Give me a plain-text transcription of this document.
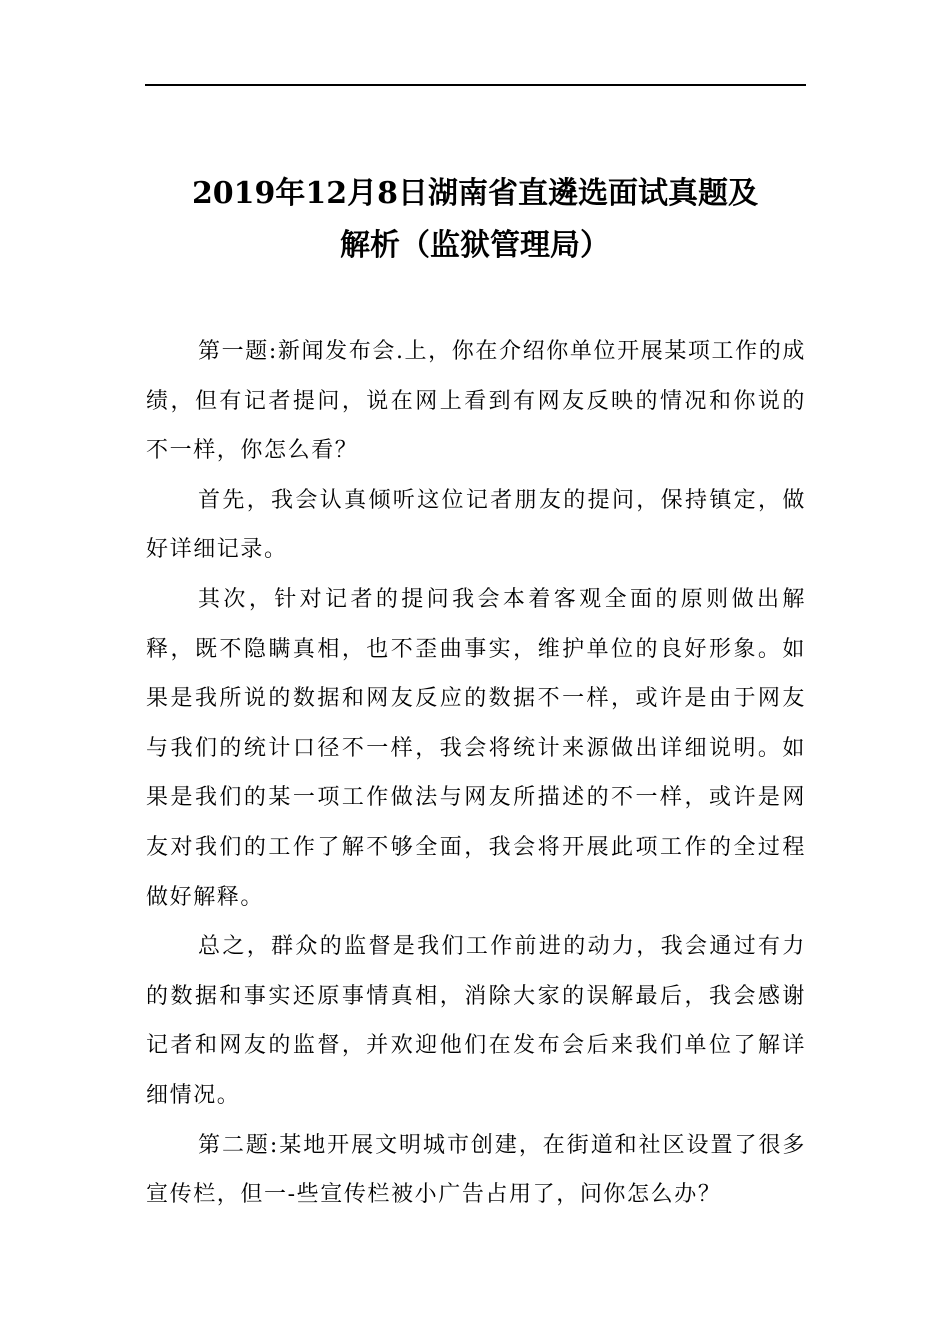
2019年12月8日湖南省直遴选面试真题及
解析（监狱管理局）

第一题:新闻发布会.上，你在介绍你单位开展某项工作的成绩，但有记者提问，说在网上看到有网友反映的情况和你说的不一样，你怎么看？

首先，我会认真倾听这位记者朋友的提问，保持镇定，做好详细记录。

其次，针对记者的提问我会本着客观全面的原则做出解释，既不隐瞒真相，也不歪曲事实，维护单位的良好形象。如果是我所说的数据和网友反应的数据不一样，或许是由于网友与我们的统计口径不一样，我会将统计来源做出详细说明。如果是我们的某一项工作做法与网友所描述的不一样，或许是网友对我们的工作了解不够全面，我会将开展此项工作的全过程做好解释。

总之，群众的监督是我们工作前进的动力，我会通过有力的数据和事实还原事情真相，消除大家的误解最后，我会感谢记者和网友的监督，并欢迎他们在发布会后来我们单位了解详细情况。

第二题:某地开展文明城市创建，在街道和社区设置了很多宣传栏，但一-些宣传栏被小广告占用了，问你怎么办？
